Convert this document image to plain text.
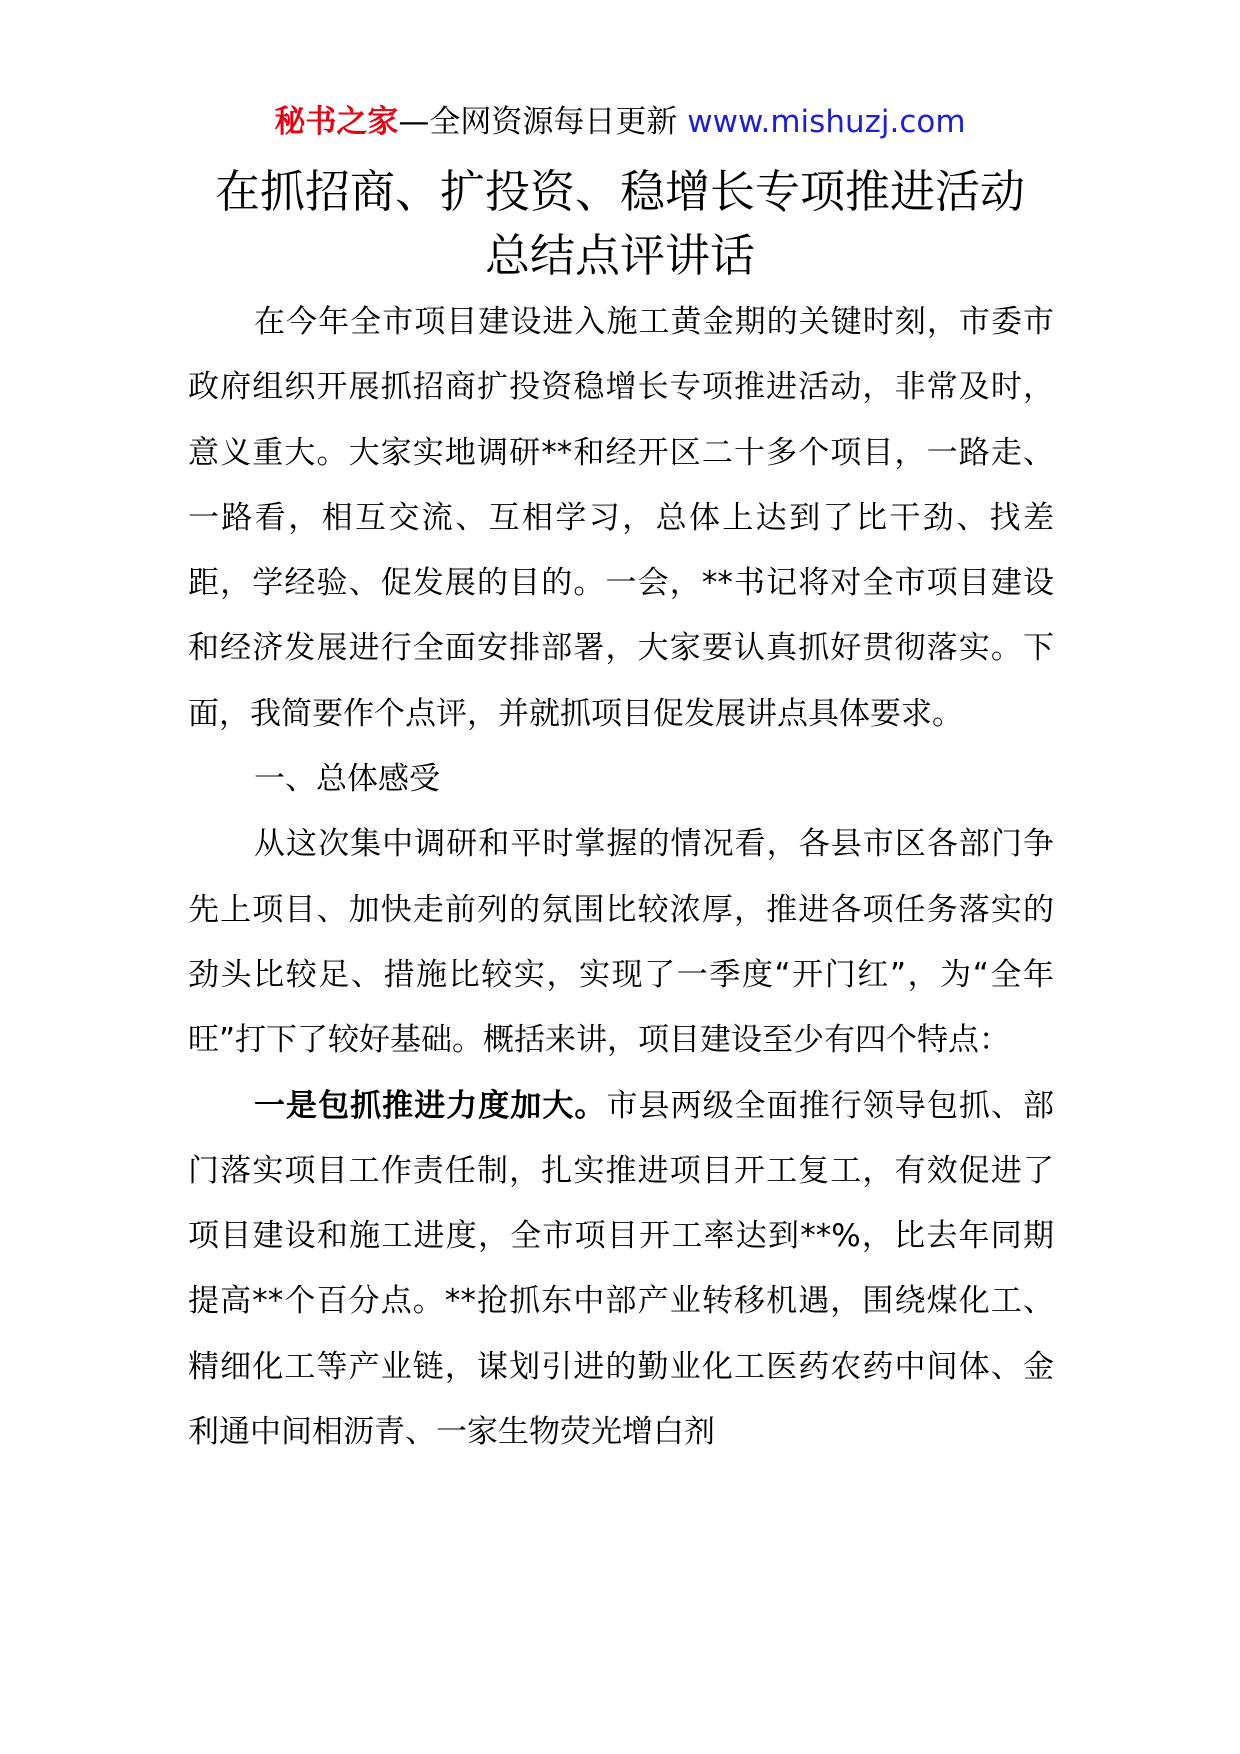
秘书之家—全网资源每日更新 www.mishuzj.com
在抓招商、扩投资、稳增长专项推进活动
总结点评讲话

在今年全市项目建设进入施工黄金期的关键时刻，市委市政府组织开展抓招商扩投资稳增长专项推进活动，非常及时，意义重大。大家实地调研**和经开区二十多个项目，一路走、一路看，相互交流、互相学习，总体上达到了比干劲、找差距，学经验、促发展的目的。一会，**书记将对全市项目建设和经济发展进行全面安排部署，大家要认真抓好贯彻落实。下面，我简要作个点评，并就抓项目促发展讲点具体要求。

一、总体感受

从这次集中调研和平时掌握的情况看，各县市区各部门争先上项目、加快走前列的氛围比较浓厚，推进各项任务落实的劲头比较足、措施比较实，实现了一季度“开门红”，为“全年旺”打下了较好基础。概括来讲，项目建设至少有四个特点：

一是包抓推进力度加大。市县两级全面推行领导包抓、部门落实项目工作责任制，扎实推进项目开工复工，有效促进了项目建设和施工进度，全市项目开工率达到**%，比去年同期提高**个百分点。**抢抓东中部产业转移机遇，围绕煤化工、精细化工等产业链，谋划引进的勤业化工医药农药中间体、金利通中间相沥青、一家生物荧光增白剂
